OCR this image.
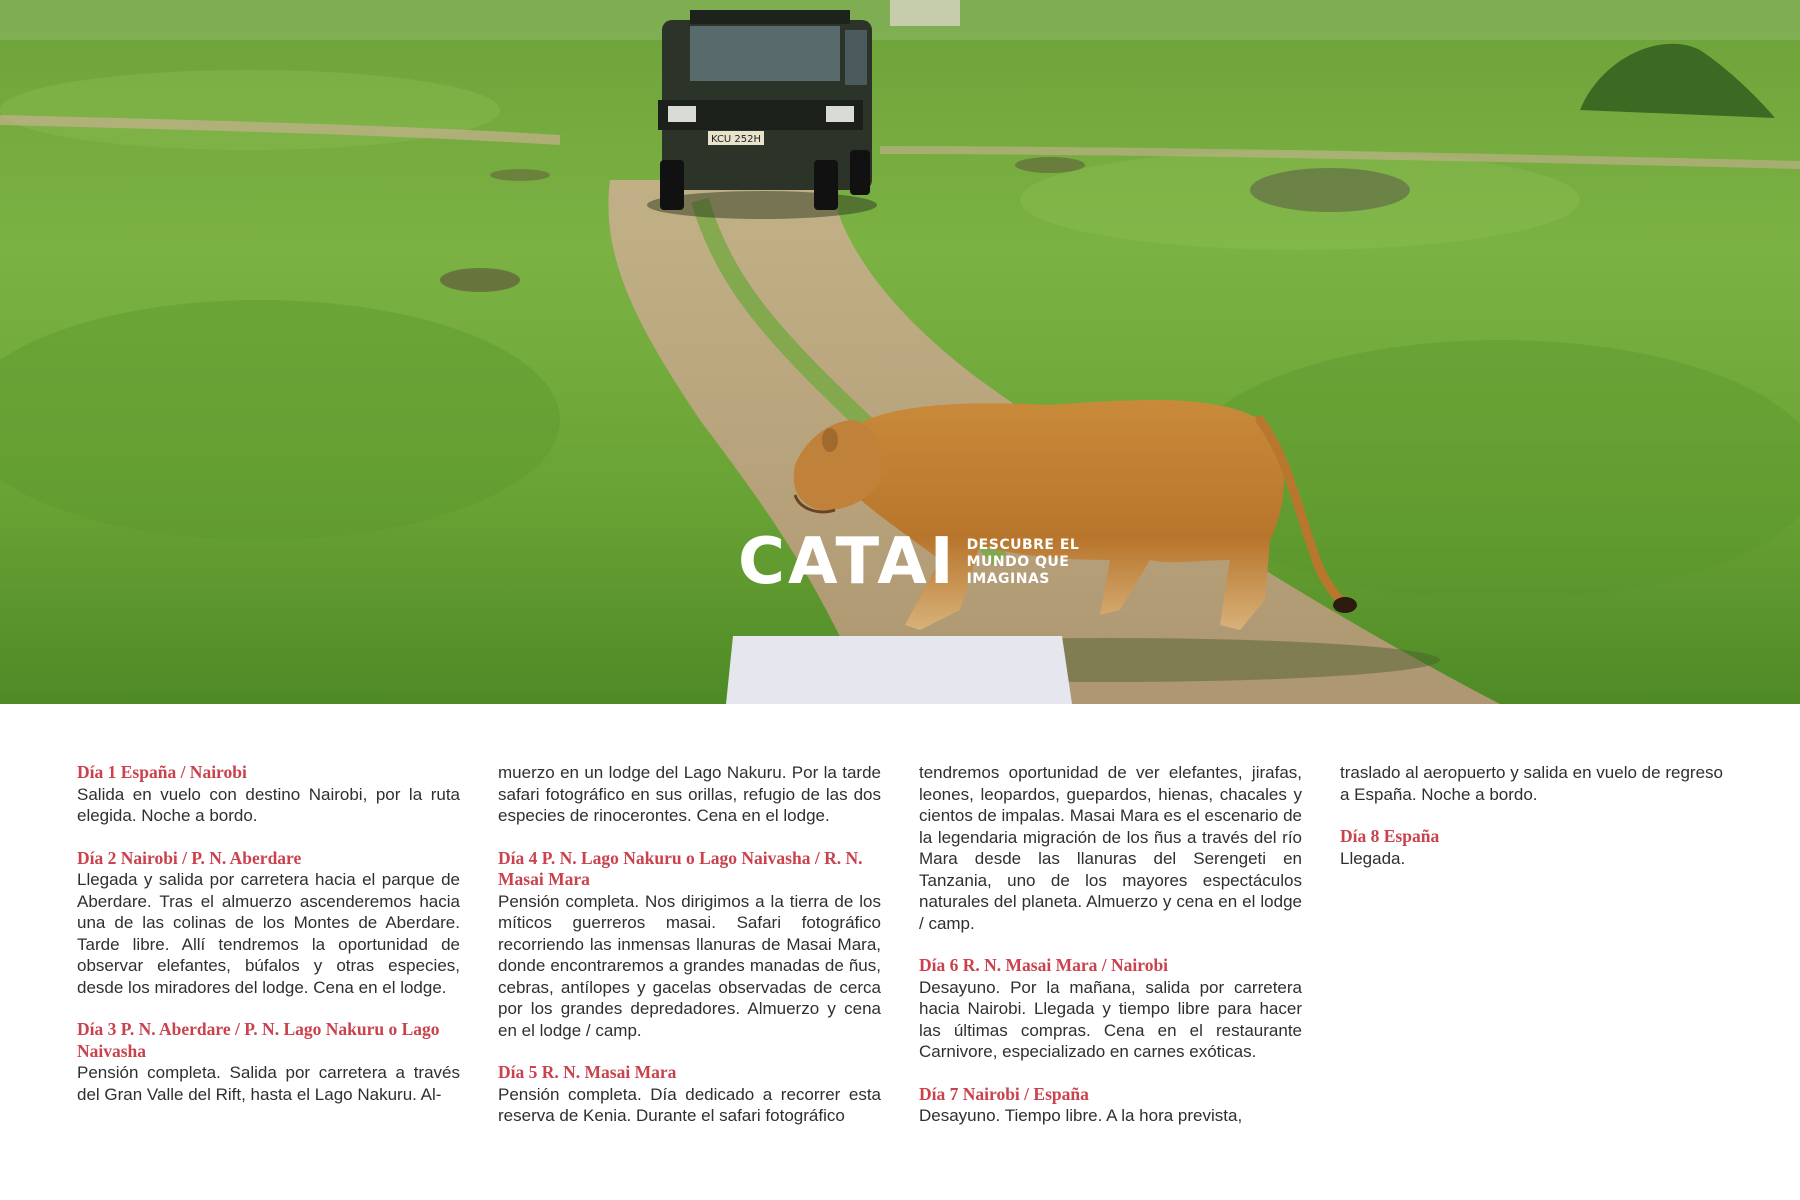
KCU 252H
CATAI DESCUBRE EL
MUNDO QUE
IMAGINAS
Día 1 España / Nairobi
Salida en vuelo con destino Nairobi, por la ruta elegida. Noche a bordo.
Día 2 Nairobi / P. N. Aberdare
Llegada y salida por carretera hacia el parque de Aberdare. Tras el almuerzo ascenderemos hacia una de las colinas de los Montes de Aberdare. Tarde libre. Allí tendremos la oportunidad de observar elefantes, búfalos y otras especies, desde los miradores del lodge. Cena en el lodge.
Día 3 P. N. Aberdare / P. N. Lago Nakuru o Lago Naivasha
Pensión completa. Salida por carretera a través del Gran Valle del Rift, hasta el Lago Nakuru. Al-
muerzo en un lodge del Lago Nakuru. Por la tarde safari fotográfico en sus orillas, refugio de las dos especies de rinocerontes. Cena en el lodge.
Día 4 P. N. Lago Nakuru o Lago Naivasha / R. N. Masai Mara
Pensión completa. Nos dirigimos a la tierra de los míticos guerreros masai. Safari fotográfico recorriendo las inmensas llanuras de Masai Mara, donde encontraremos a grandes manadas de ñus, cebras, antílopes y gacelas observadas de cerca por los grandes depredadores. Almuerzo y cena en el lodge / camp.
Día 5 R. N. Masai Mara
Pensión completa. Día dedicado a recorrer esta reserva de Kenia. Durante el safari fotográfico
tendremos oportunidad de ver elefantes, jirafas, leones, leopardos, guepardos, hienas, chacales y cientos de impalas. Masai Mara es el escenario de la legendaria migración de los ñus a través del río Mara desde las llanuras del Serengeti en Tanzania, uno de los mayores espectáculos naturales del planeta. Almuerzo y cena en el lodge / camp.
Día 6 R. N. Masai Mara / Nairobi
Desayuno. Por la mañana, salida por carretera hacia Nairobi. Llegada y tiempo libre para hacer las últimas compras. Cena en el restaurante Carnivore, especializado en carnes exóticas.
Día 7 Nairobi / España
Desayuno. Tiempo libre. A la hora prevista,
traslado al aeropuerto y salida en vuelo de regreso a España. Noche a bordo.
Día 8 España
Llegada.
